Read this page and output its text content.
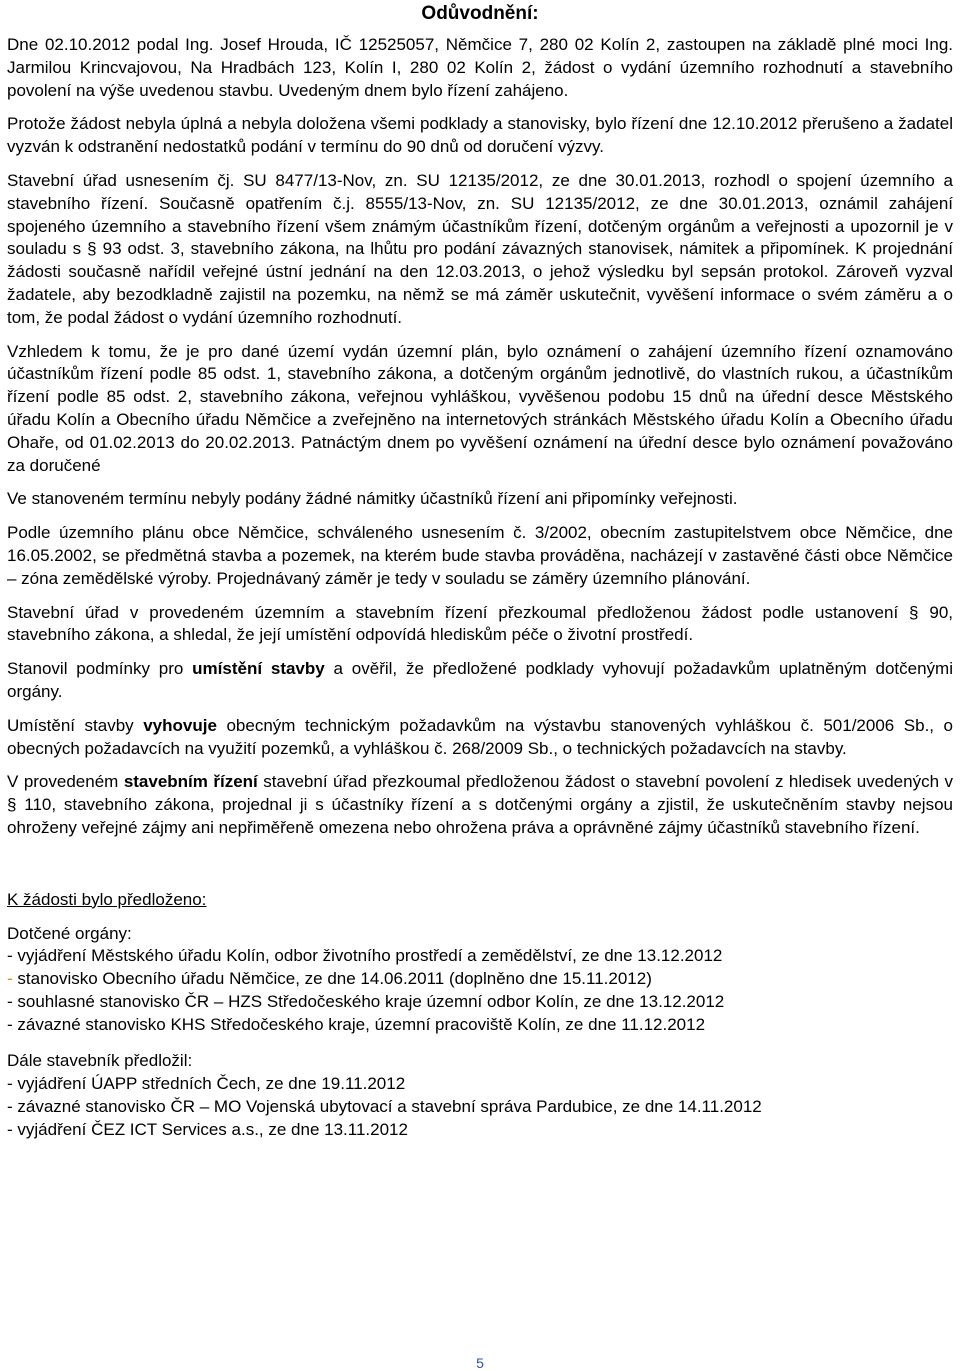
Odůvodnění:

Dne 02.10.2012 podal Ing. Josef Hrouda, IČ 12525057, Němčice 7, 280 02 Kolín 2, zastoupen na základě plné moci Ing. Jarmilou Krincvajovou, Na Hradbách 123, Kolín I, 280 02 Kolín 2, žádost o vydání územního rozhodnutí a stavebního povolení na výše uvedenou stavbu. Uvedeným dnem bylo řízení zahájeno.

Protože žádost nebyla úplná a nebyla doložena všemi podklady a stanovisky, bylo řízení dne 12.10.2012 přerušeno a žadatel vyzván k odstranění nedostatků podání v termínu do 90 dnů od doručení výzvy.

Stavební úřad usnesením čj. SU 8477/13-Nov, zn. SU 12135/2012, ze dne 30.01.2013, rozhodl o spojení územního a stavebního řízení. Současně opatřením č.j. 8555/13-Nov, zn. SU 12135/2012, ze dne 30.01.2013, oznámil zahájení spojeného územního a stavebního řízení všem známým účastníkům řízení, dotčeným orgánům a veřejnosti a upozornil je v souladu s § 93 odst. 3, stavebního zákona, na lhůtu pro podání závazných stanovisek, námitek a připomínek. K projednání žádosti současně nařídil veřejné ústní jednání na den 12.03.2013, o jehož výsledku byl sepsán protokol. Zároveň vyzval žadatele, aby bezodkladně zajistil na pozemku, na němž se má záměr uskutečnit, vyvěšení informace o svém záměru a o tom, že podal žádost o vydání územního rozhodnutí.

Vzhledem k tomu, že je pro dané území vydán územní plán, bylo oznámení o zahájení územního řízení oznamováno účastníkům řízení podle 85 odst. 1, stavebního zákona, a dotčeným orgánům jednotlivě, do vlastních rukou, a účastníkům řízení podle 85 odst. 2, stavebního zákona, veřejnou vyhláškou, vyvěšenou podobu 15 dnů na úřední desce Městského úřadu Kolín a Obecního úřadu Němčice a zveřejněno na internetových stránkách Městského úřadu Kolín a Obecního úřadu Ohaře, od 01.02.2013 do 20.02.2013. Patnáctým dnem po vyvěšení oznámení na úřední desce bylo oznámení považováno za doručené

Ve stanoveném termínu nebyly podány žádné námitky účastníků řízení ani připomínky veřejnosti.

Podle územního plánu obce Němčice, schváleného usnesením č. 3/2002, obecním zastupitelstvem obce Němčice, dne 16.05.2002, se předmětná stavba a pozemek, na kterém bude stavba prováděna, nacházejí v zastavěné části obce Němčice – zóna zemědělské výroby. Projednávaný záměr je tedy v souladu se záměry územního plánování.

Stavební úřad v provedeném územním a stavebním řízení přezkoumal předloženou žádost podle ustanovení § 90, stavebního zákona, a shledal, že její umístění odpovídá hlediskům péče o životní prostředí.

Stanovil podmínky pro umístění stavby a ověřil, že předložené podklady vyhovují požadavkům uplatněným dotčenými orgány.

Umístění stavby vyhovuje obecným technickým požadavkům na výstavbu stanovených vyhláškou č. 501/2006 Sb., o obecných požadavcích na využití pozemků, a vyhláškou č. 268/2009 Sb., o technických požadavcích na stavby.

V provedeném stavebním řízení stavební úřad přezkoumal předloženou žádost o stavební povolení z hledisek uvedených v § 110, stavebního zákona, projednal ji s účastníky řízení a s dotčenými orgány a zjistil, že uskutečněním stavby nejsou ohroženy veřejné zájmy ani nepřiměřeně omezena nebo ohrožena práva a oprávněné zájmy účastníků stavebního řízení.

K žádosti bylo předloženo:

Dotčené orgány:
- vyjádření Městského úřadu Kolín, odbor životního prostředí a zemědělství, ze dne 13.12.2012
- stanovisko Obecního úřadu Němčice, ze dne 14.06.2011 (doplněno dne 15.11.2012)
- souhlasné stanovisko ČR – HZS Středočeského kraje územní odbor Kolín, ze dne 13.12.2012
- závazné stanovisko KHS Středočeského kraje, územní pracoviště Kolín, ze dne 11.12.2012
Dále stavebník předložil:
- vyjádření ÚAPP středních Čech, ze dne 19.11.2012
- závazné stanovisko ČR – MO Vojenská ubytovací a stavební správa Pardubice, ze dne 14.11.2012
- vyjádření ČEZ ICT Services a.s., ze dne 13.11.2012
5
